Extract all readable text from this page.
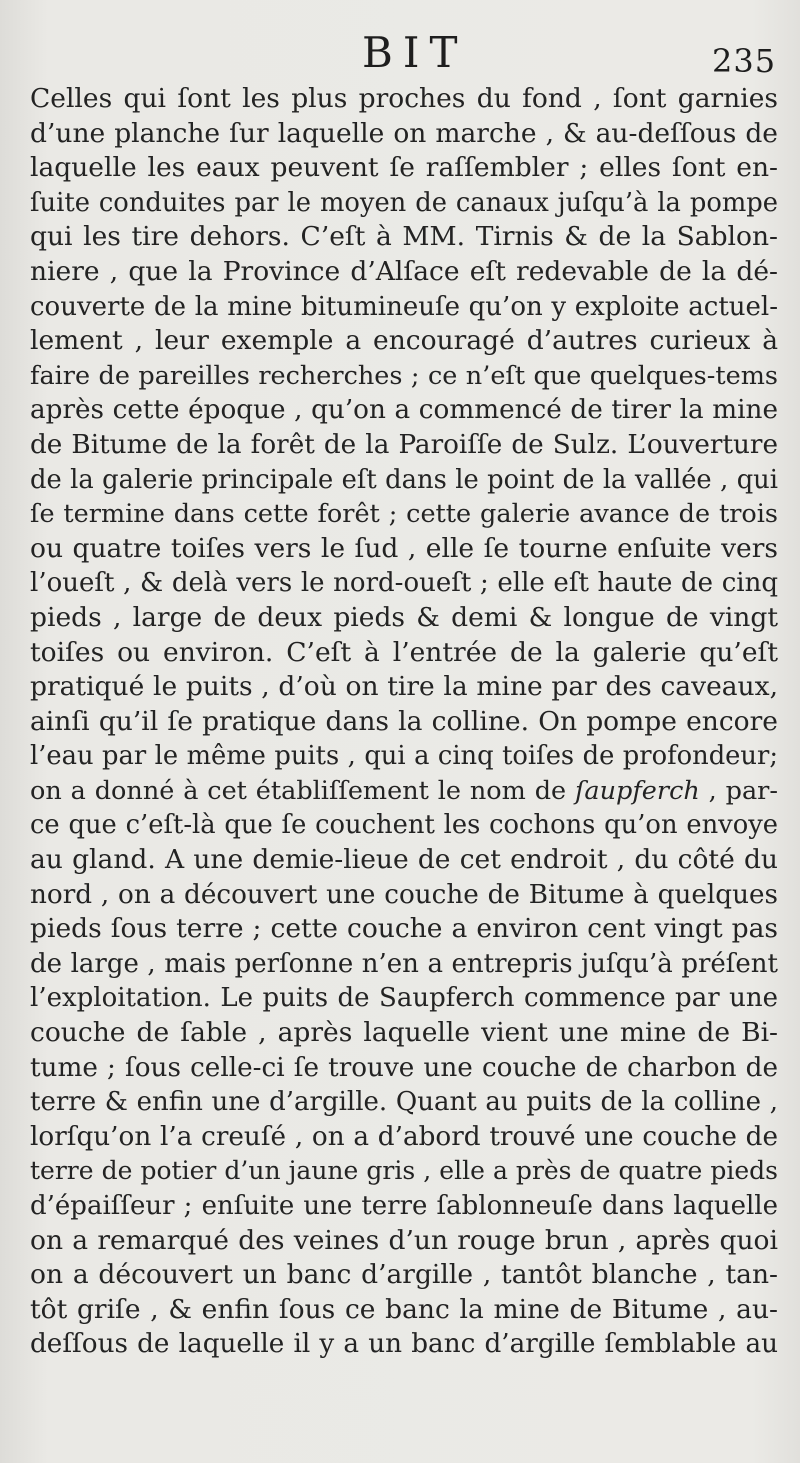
BIT	235
Celles qui ſont les plus proches du fond , ſont garnies
d’une planche ſur laquelle on marche , & au-deſſous de
laquelle les eaux peuvent ſe raſſembler ; elles ſont en-
ſuite conduites par le moyen de canaux juſqu’à la pompe
qui les tire dehors. C’eſt à MM. Tirnis & de la Sablon-
niere , que la Province d’Alſace eſt redevable de la dé-
couverte de la mine bitumineuſe qu’on y exploite actuel-
lement , leur exemple a encouragé d’autres curieux à
faire de pareilles recherches ; ce n’eſt que quelques-tems
après cette époque , qu’on a commencé de tirer la mine
de Bitume de la forêt de la Paroiſſe de Sulz. L’ouverture
de la galerie principale eſt dans le point de la vallée , qui
ſe termine dans cette forêt ; cette galerie avance de trois
ou quatre toiſes vers le ſud , elle ſe tourne enſuite vers
l’oueſt , & delà vers le nord-oueſt ; elle eſt haute de cinq
pieds , large de deux pieds & demi & longue de vingt
toiſes ou environ. C’eſt à l’entrée de la galerie qu’eſt
pratiqué le puits , d’où on tire la mine par des caveaux,
ainſi qu’il ſe pratique dans la colline. On pompe encore
l’eau par le même puits , qui a cinq toiſes de profondeur;
on a donné à cet établiſſement le nom de ſaupferch , par-
ce que c’eſt-là que ſe couchent les cochons qu’on envoye
au gland. A une demie-lieue de cet endroit , du côté du
nord , on a découvert une couche de Bitume à quelques
pieds ſous terre ; cette couche a environ cent vingt pas
de large , mais perſonne n’en a entrepris juſqu’à préſent
l’exploitation. Le puits de Saupferch commence par une
couche de ſable , après laquelle vient une mine de Bi-
tume ; ſous celle-ci ſe trouve une couche de charbon de
terre & enfin une d’argille. Quant au puits de la colline ,
lorſqu’on l’a creuſé , on a d’abord trouvé une couche de
terre de potier d’un jaune gris , elle a près de quatre pieds
d’épaiſſeur ; enſuite une terre ſablonneuſe dans laquelle
on a remarqué des veines d’un rouge brun , après quoi
on a découvert un banc d’argille , tantôt blanche , tan-
tôt griſe , & enfin ſous ce banc la mine de Bitume , au-
deſſous de laquelle il y a un banc d’argille ſemblable au
